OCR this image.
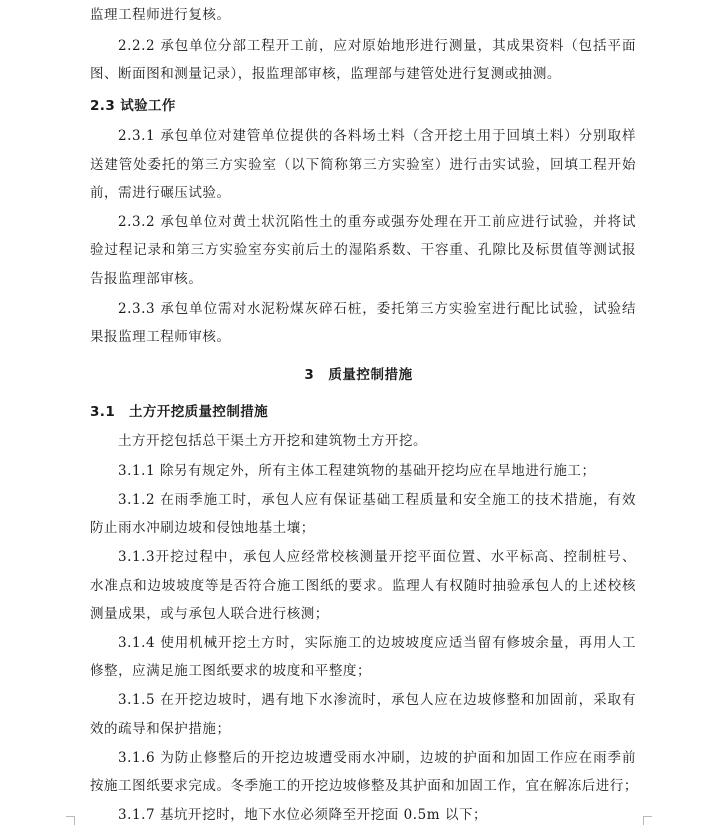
监理工程师进行复核。
2.2.2 承包单位分部工程开工前，应对原始地形进行测量，其成果资料（包括平面
图、断面图和测量记录），报监理部审核，监理部与建管处进行复测或抽测。
2.3 试验工作
2.3.1 承包单位对建管单位提供的各料场土料（含开挖土用于回填土料）分别取样
送建管处委托的第三方实验室（以下简称第三方实验室）进行击实试验，回填工程开始
前，需进行碾压试验。
2.3.2 承包单位对黄土状沉陷性土的重夯或强夯处理在开工前应进行试验，并将试
验过程记录和第三方实验室夯实前后土的湿陷系数、干容重、孔隙比及标贯值等测试报
告报监理部审核。
2.3.3 承包单位需对水泥粉煤灰碎石桩，委托第三方实验室进行配比试验，试验结
果报监理工程师审核。
3　质量控制措施
3.1　土方开挖质量控制措施
土方开挖包括总干渠土方开挖和建筑物土方开挖。
3.1.1 除另有规定外，所有主体工程建筑物的基础开挖均应在旱地进行施工；
3.1.2 在雨季施工时，承包人应有保证基础工程质量和安全施工的技术措施，有效
防止雨水冲刷边坡和侵蚀地基土壤；
3.1.3开挖过程中，承包人应经常校核测量开挖平面位置、水平标高、控制桩号、
水准点和边坡坡度等是否符合施工图纸的要求。监理人有权随时抽验承包人的上述校核
测量成果，或与承包人联合进行核测；
3.1.4 使用机械开挖土方时，实际施工的边坡坡度应适当留有修坡余量，再用人工
修整，应满足施工图纸要求的坡度和平整度；
3.1.5 在开挖边坡时，遇有地下水渗流时，承包人应在边坡修整和加固前，采取有
效的疏导和保护措施；
3.1.6 为防止修整后的开挖边坡遭受雨水冲刷，边坡的护面和加固工作应在雨季前
按施工图纸要求完成。冬季施工的开挖边坡修整及其护面和加固工作，宜在解冻后进行；
3.1.7 基坑开挖时，地下水位必须降至开挖面 0.5m 以下；
